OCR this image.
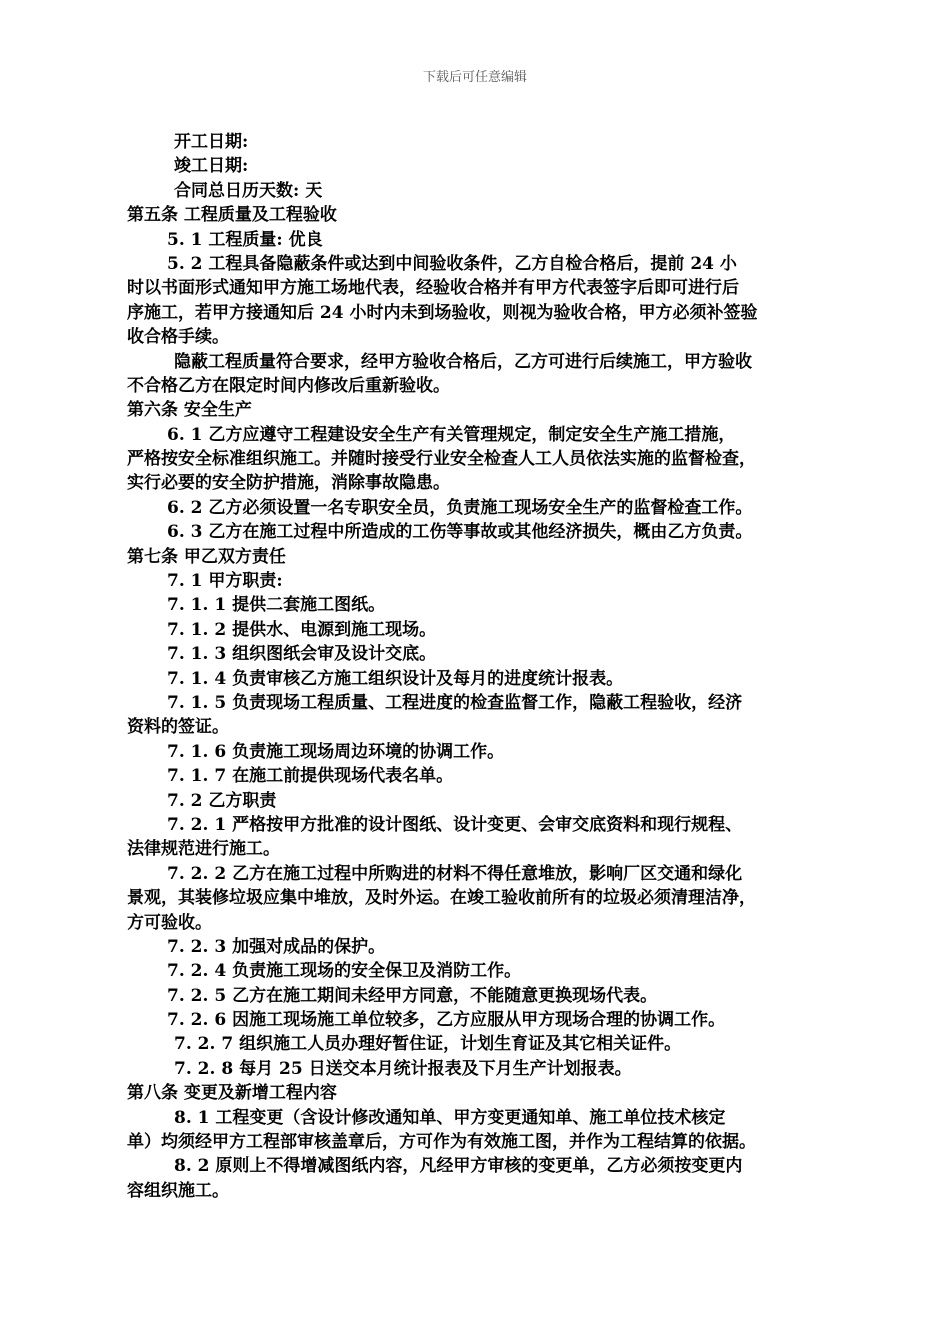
下载后可任意编辑
开工日期:
竣工日期:
合同总日历天数: 天
第五条 工程质量及工程验收
5. 1 工程质量: 优良
5. 2 工程具备隐蔽条件或达到中间验收条件，乙方自检合格后，提前 24 小
时以书面形式通知甲方施工场地代表，经验收合格并有甲方代表签字后即可进行后
序施工，若甲方接通知后 24 小时内未到场验收，则视为验收合格，甲方必须补签验
收合格手续。
隐蔽工程质量符合要求，经甲方验收合格后，乙方可进行后续施工，甲方验收
不合格乙方在限定时间内修改后重新验收。
第六条 安全生产
6. 1 乙方应遵守工程建设安全生产有关管理规定，制定安全生产施工措施，
严格按安全标准组织施工。并随时接受行业安全检查人工人员依法实施的监督检查，
实行必要的安全防护措施，消除事故隐患。
6. 2 乙方必须设置一名专职安全员，负责施工现场安全生产的监督检查工作。
6. 3 乙方在施工过程中所造成的工伤等事故或其他经济损失，概由乙方负责。
第七条 甲乙双方责任
7. 1 甲方职责:
7. 1. 1 提供二套施工图纸。
7. 1. 2 提供水、电源到施工现场。
7. 1. 3 组织图纸会审及设计交底。
7. 1. 4 负责审核乙方施工组织设计及每月的进度统计报表。
7. 1. 5 负责现场工程质量、工程进度的检查监督工作，隐蔽工程验收，经济
资料的签证。
7. 1. 6 负责施工现场周边环境的协调工作。
7. 1. 7 在施工前提供现场代表名单。
7. 2 乙方职责
7. 2. 1 严格按甲方批准的设计图纸、设计变更、会审交底资料和现行规程、
法律规范进行施工。
7. 2. 2 乙方在施工过程中所购进的材料不得任意堆放，影响厂区交通和绿化
景观，其装修垃圾应集中堆放，及时外运。在竣工验收前所有的垃圾必须清理洁净，
方可验收。
7. 2. 3 加强对成品的保护。
7. 2. 4 负责施工现场的安全保卫及消防工作。
7. 2. 5 乙方在施工期间未经甲方同意，不能随意更换现场代表。
7. 2. 6 因施工现场施工单位较多，乙方应服从甲方现场合理的协调工作。
7. 2. 7 组织施工人员办理好暂住证，计划生育证及其它相关证件。
7. 2. 8 每月 25 日送交本月统计报表及下月生产计划报表。
第八条 变更及新增工程内容
8. 1 工程变更（含设计修改通知单、甲方变更通知单、施工单位技术核定
单）均须经甲方工程部审核盖章后，方可作为有效施工图，并作为工程结算的依据。
8. 2 原则上不得增减图纸内容，凡经甲方审核的变更单，乙方必须按变更内
容组织施工。
